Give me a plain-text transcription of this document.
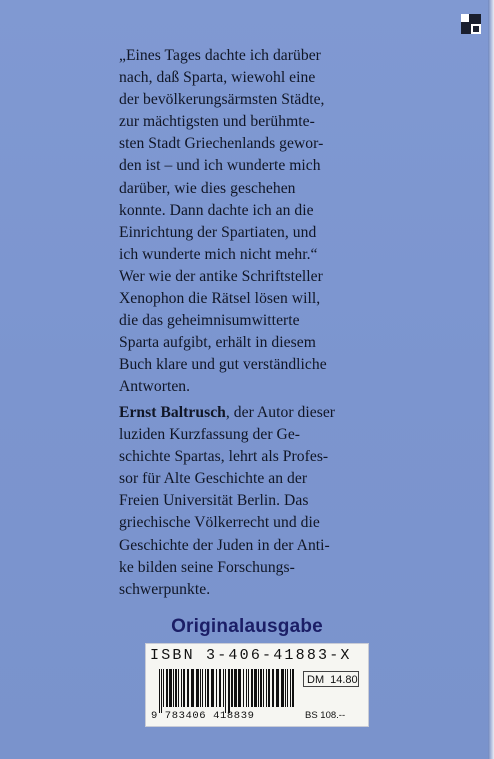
„Eines Tages dachte ich darüber
nach, daß Sparta, wiewohl eine
der bevölkerungsärmsten Städte,
zur mächtigsten und berühmte-
sten Stadt Griechenlands gewor-
den ist – und ich wunderte mich
darüber, wie dies geschehen
konnte. Dann dachte ich an die
Einrichtung der Spartiaten, und
ich wunderte mich nicht mehr.“
Wer wie der antike Schriftsteller
Xenophon die Rätsel lösen will,
die das geheimnisumwitterte
Sparta aufgibt, erhält in diesem
Buch klare und gut verständliche
Antworten.
Ernst Baltrusch, der Autor dieser
luziden Kurzfassung der Ge-
schichte Spartas, lehrt als Profes-
sor für Alte Geschichte an der
Freien Universität Berlin. Das
griechische Völkerrecht und die
Geschichte der Juden in der Anti-
ke bilden seine Forschungs-
schwerpunkte.
Originalausgabe
ISBN 3-406-41883-X
DM 14.80
9 783406 418839	BS 108.--
